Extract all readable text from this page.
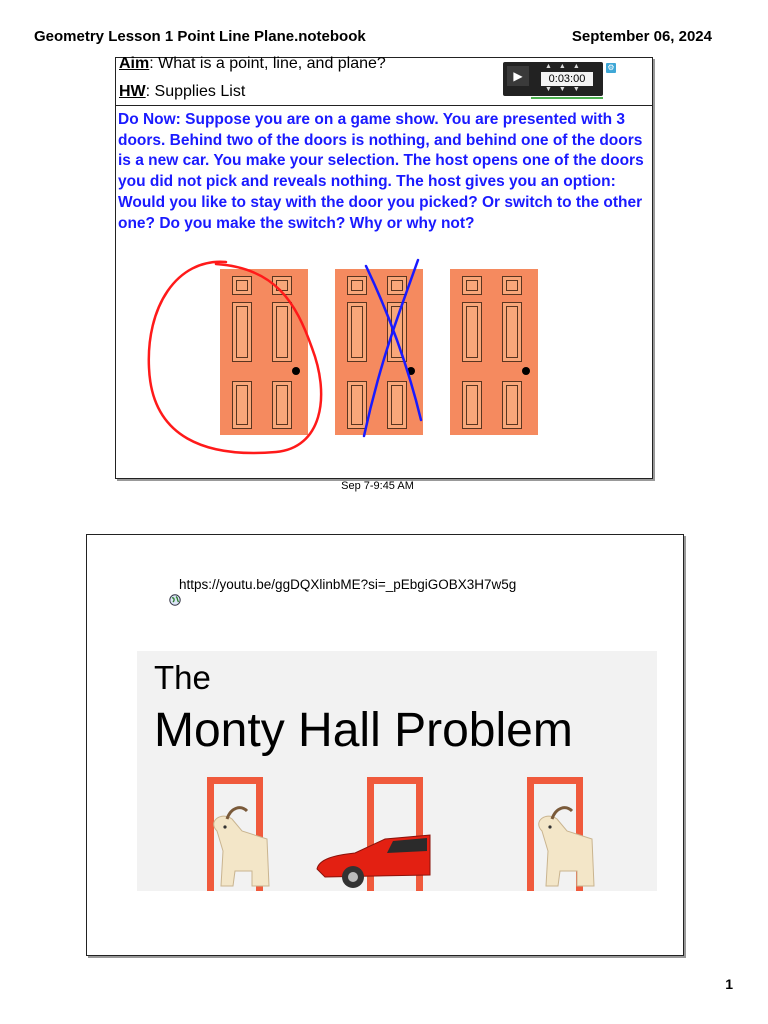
Geometry Lesson 1 Point Line Plane.notebook	September 06, 2024
Aim: What is a point, line, and plane?
HW: Supplies List
▶
▲▲▲
0:03:00
▼▼▼
⚙
Do Now: Suppose you are on a game show. You are presented with 3 doors. Behind two of the doors is nothing, and behind one of the doors is a new car. You make your selection. The host opens one of the doors you did not pick and reveals nothing. The host gives you an option: Would you like to stay with the door you picked? Or switch to the other one? Do you make the switch? Why or why not?
Sep 7-9:45 AM
https://youtu.be/ggDQXlinbME?si=_pEbgiGOBX3H7w5g
The
Monty Hall Problem
1
